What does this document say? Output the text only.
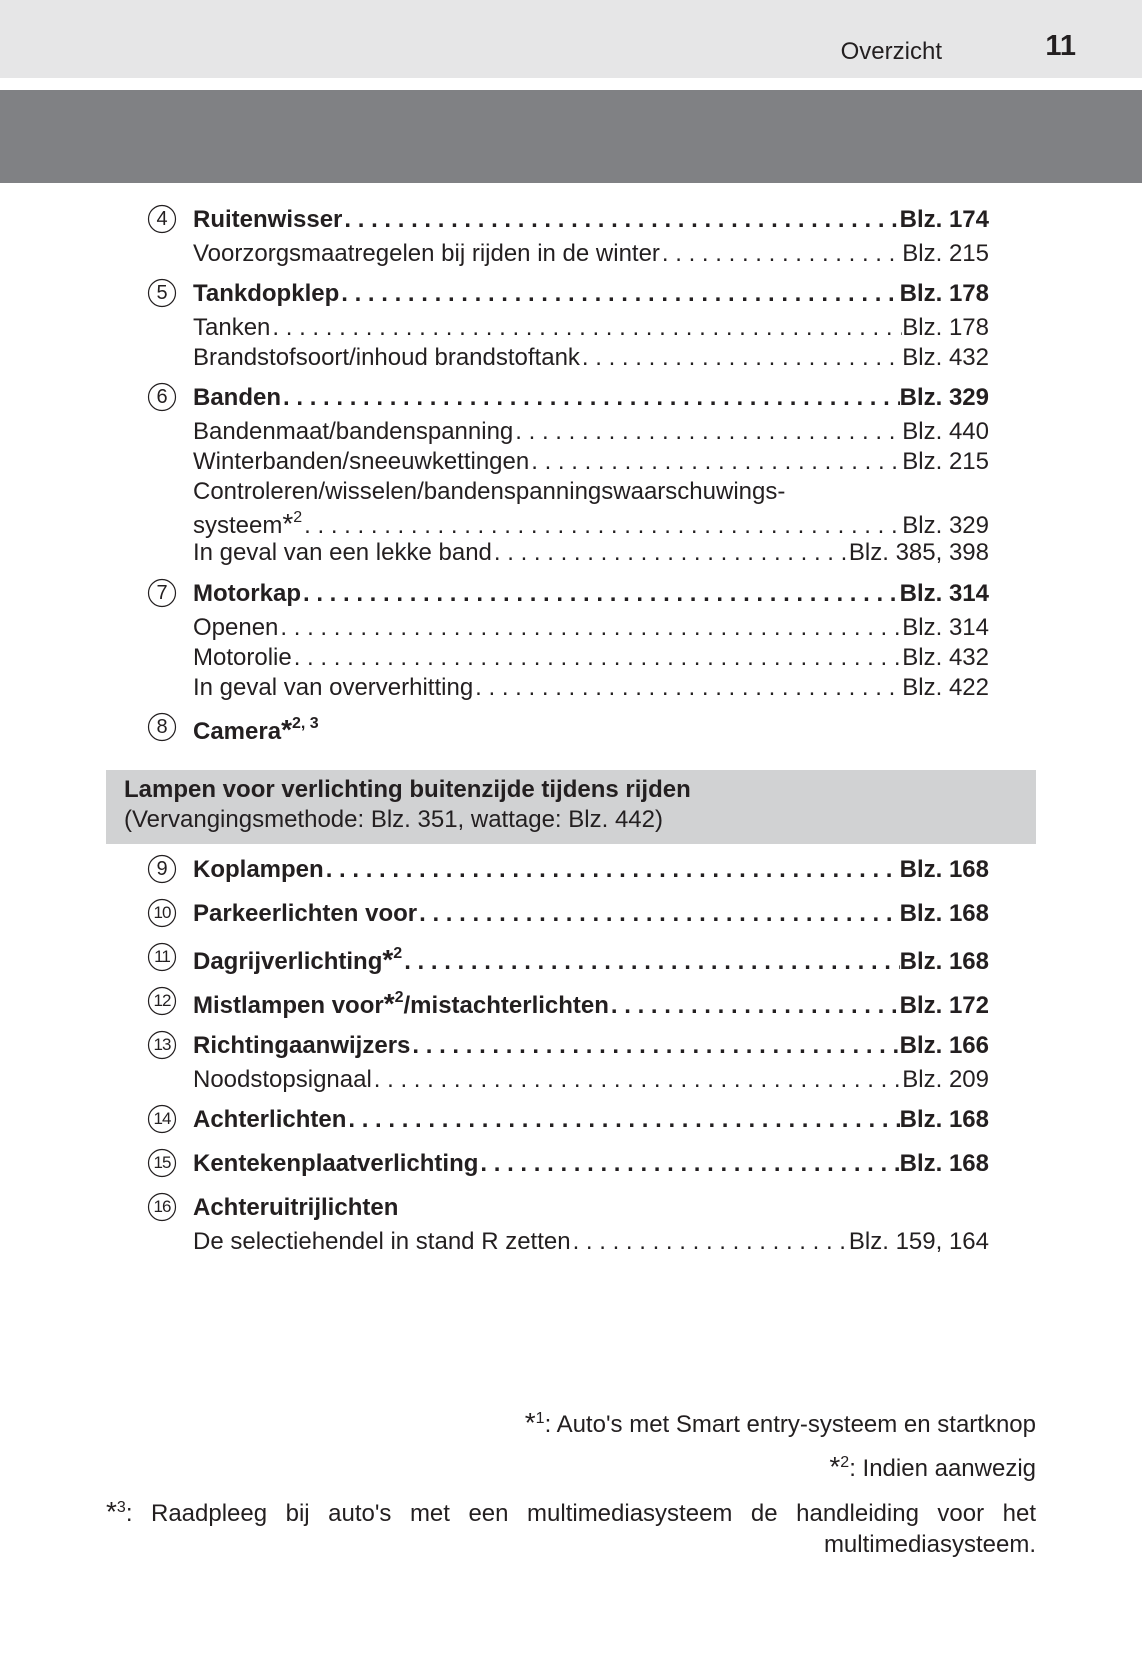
Overzicht	11
4	Ruitenwisser . . .	Blz. 174
Voorzorgsmaatregelen bij rijden in de winter . . .	Blz. 215
5	Tankdopklep . . .	Blz. 178
Tanken . . .	Blz. 178
Brandstofsoort/inhoud brandstoftank . . .	Blz. 432
6	Banden . . .	Blz. 329
Bandenmaat/bandenspanning . . .	Blz. 440
Winterbanden/sneeuwkettingen . . .	Blz. 215
Controleren/wisselen/bandenspanningswaarschuwings-
systeem*$^2$ . . .	Blz. 329
In geval van een lekke band . . .	Blz. 385, 398
7	Motorkap . . .	Blz. 314
Openen . . .	Blz. 314
Motorolie . . .	Blz. 432
In geval van oververhitting . . .	Blz. 422
8	Camera*$^{2, 3}$
9	Koplampen . . .	Blz. 168
10 Parkeerlichten voor . . .	Blz. 168
11 Dagrijverlichting*$^2$ . . .	Blz. 168
12 Mistlampen voor*$^2$/mistachterlichten . . .	Blz. 172
13 Richtingaanwijzers . . .	Blz. 166
Noodstopsignaal . . .	Blz. 209
14 Achterlichten . . .	Blz. 168
15 Kentekenplaatverlichting . . .	Blz. 168
16 Achteruitrijlichten
De selectiehendel in stand R zetten . . .	Blz. 159, 164
Lampen voor verlichting buitenzijde tijdens rijden
(Vervangingsmethode: Blz. 351, wattage: Blz. 442)
*$^1$: Auto's met Smart entry-systeem en startknop
*$^2$: Indien aanwezig
*$^3$: Raadpleeg bij auto's met een multimediasysteem de handleiding voor het multimediasysteem.
